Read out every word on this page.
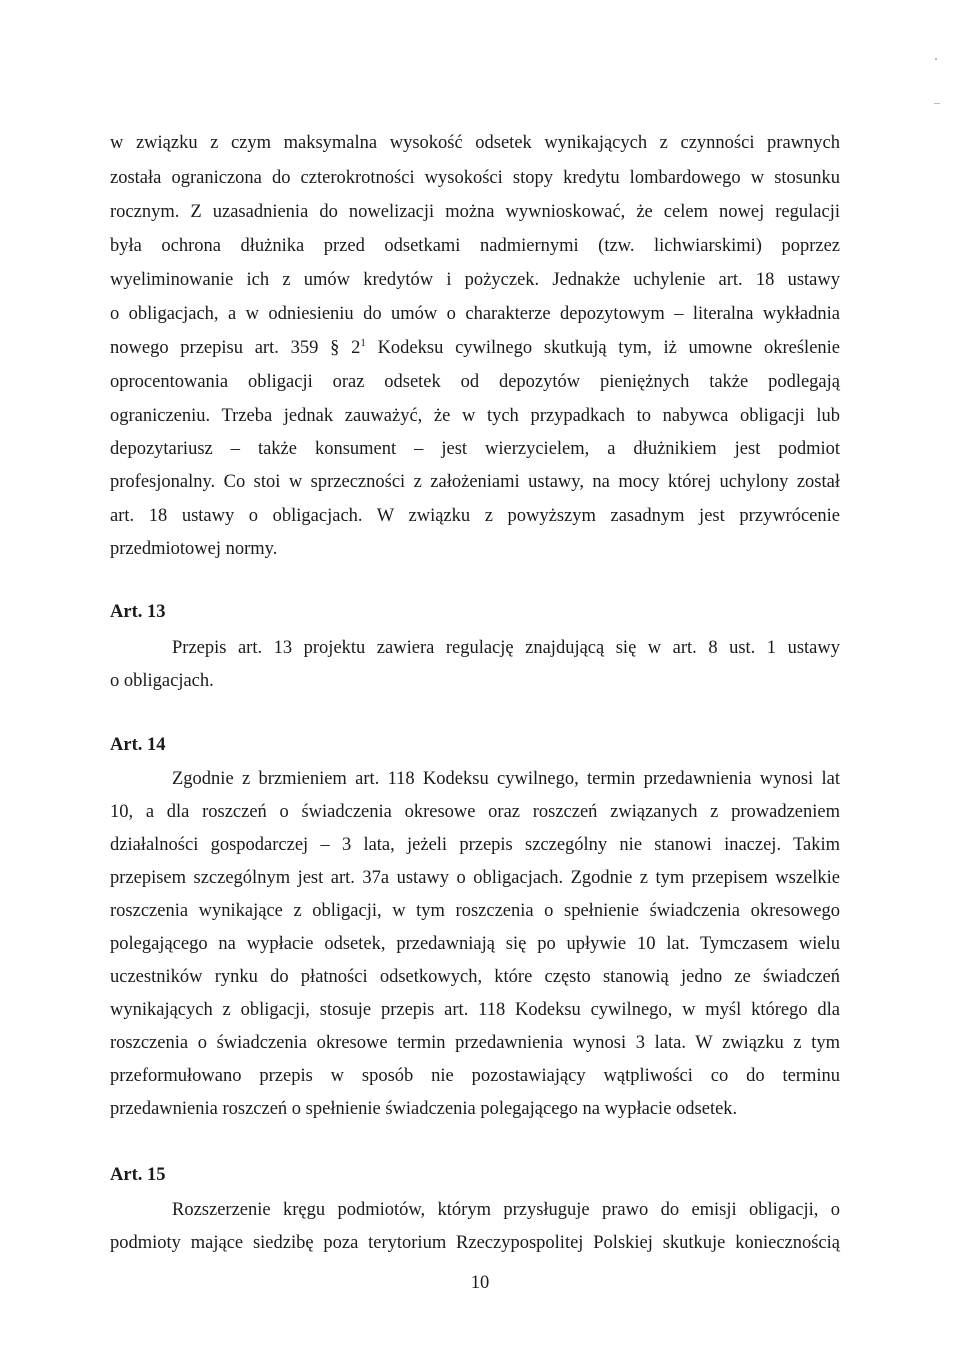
w związku z czym maksymalna wysokość odsetek wynikających z czynności prawnych
została ograniczona do czterokrotności wysokości stopy kredytu lombardowego w stosunku
rocznym. Z uzasadnienia do nowelizacji można wywnioskować, że celem nowej regulacji
była ochrona dłużnika przed odsetkami nadmiernymi (tzw. lichwiarskimi) poprzez
wyeliminowanie ich z umów kredytów i pożyczek. Jednakże uchylenie art. 18 ustawy
o obligacjach, a w odniesieniu do umów o charakterze depozytowym – literalna wykładnia
nowego przepisu art. 359 § $2^1$ Kodeksu cywilnego skutkują tym, iż umowne określenie
oprocentowania obligacji oraz odsetek od depozytów pieniężnych także podlegają
ograniczeniu. Trzeba jednak zauważyć, że w tych przypadkach to nabywca obligacji lub
depozytariusz – także konsument – jest wierzycielem, a dłużnikiem jest podmiot
profesjonalny. Co stoi w sprzeczności z założeniami ustawy, na mocy której uchylony został
art. 18 ustawy o obligacjach. W związku z powyższym zasadnym jest przywrócenie
przedmiotowej normy.
Art. 13
Przepis art. 13 projektu zawiera regulację znajdującą się w art. 8 ust. 1 ustawy
o obligacjach.
Art. 14
Zgodnie z brzmieniem art. 118 Kodeksu cywilnego, termin przedawnienia wynosi lat
10, a dla roszczeń o świadczenia okresowe oraz roszczeń związanych z prowadzeniem
działalności gospodarczej – 3 lata, jeżeli przepis szczególny nie stanowi inaczej. Takim
przepisem szczególnym jest art. 37a ustawy o obligacjach. Zgodnie z tym przepisem wszelkie
roszczenia wynikające z obligacji, w tym roszczenia o spełnienie świadczenia okresowego
polegającego na wypłacie odsetek, przedawniają się po upływie 10 lat. Tymczasem wielu
uczestników rynku do płatności odsetkowych, które często stanowią jedno ze świadczeń
wynikających z obligacji, stosuje przepis art. 118 Kodeksu cywilnego, w myśl którego dla
roszczenia o świadczenia okresowe termin przedawnienia wynosi 3 lata. W związku z tym
przeformułowano przepis w sposób nie pozostawiający wątpliwości co do terminu
przedawnienia roszczeń o spełnienie świadczenia polegającego na wypłacie odsetek.
Art. 15
Rozszerzenie kręgu podmiotów, którym przysługuje prawo do emisji obligacji, o
podmioty mające siedzibę poza terytorium Rzeczypospolitej Polskiej skutkuje koniecznością
10
